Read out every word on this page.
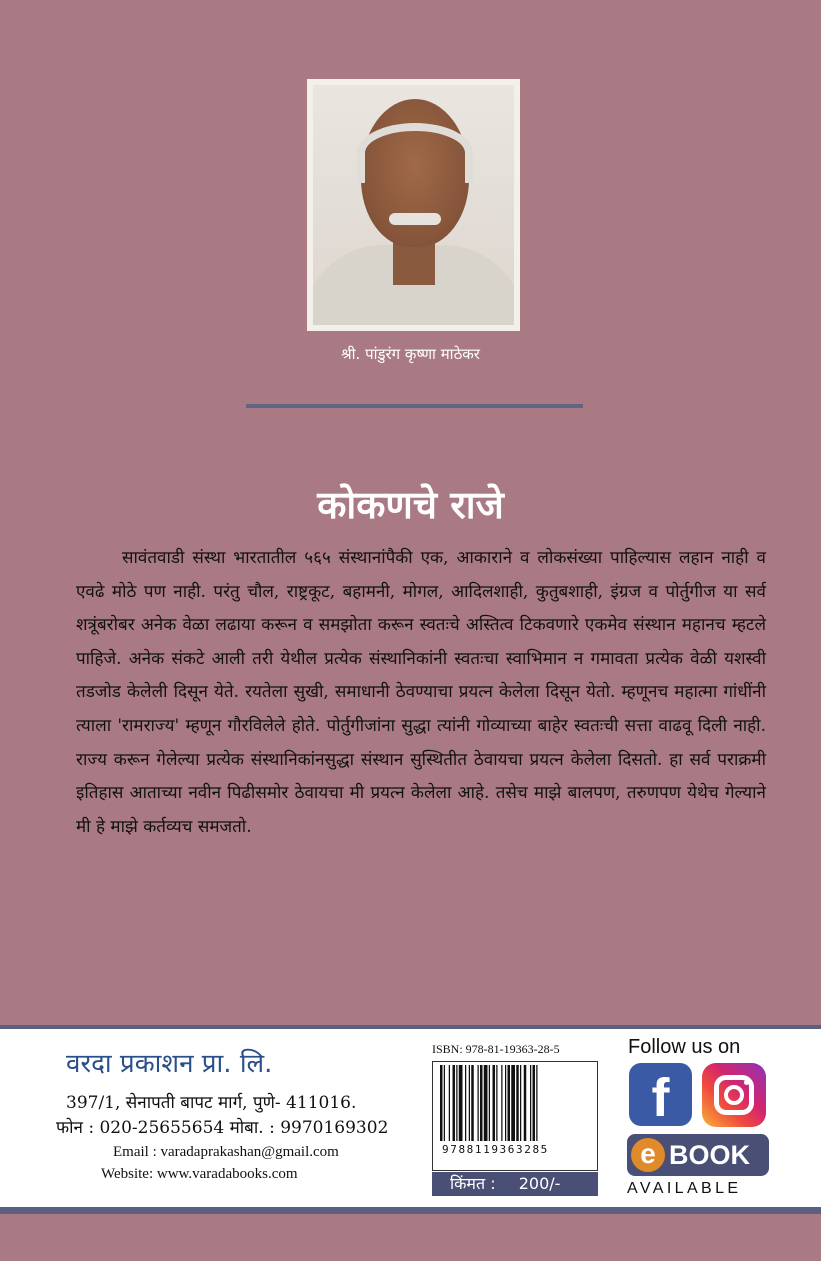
श्री. पांडुरंग कृष्णा माठेकर
कोकणचे राजे

सावंतवाडी संस्था भारतातील ५६५ संस्थानांपैकी एक, आकाराने व लोकसंख्या पाहिल्यास लहान नाही व एवढे मोठे पण नाही. परंतु चौल, राष्ट्रकूट, बहामनी, मोगल, आदिलशाही, कुतुबशाही, इंग्रज व पोर्तुगीज या सर्व शत्रूंबरोबर अनेक वेळा लढाया करून व समझोता करून स्वतःचे अस्तित्व टिकवणारे एकमेव संस्थान महानच म्हटले पाहिजे. अनेक संकटे आली तरी येथील प्रत्येक संस्थानिकांनी स्वतःचा स्वाभिमान न गमावता प्रत्येक वेळी यशस्वी तडजोड केलेली दिसून येते. रयतेला सुखी, समाधानी ठेवण्याचा प्रयत्न केलेला दिसून येतो. म्हणूनच महात्मा गांधींनी त्याला 'रामराज्य' म्हणून गौरविलेले होते. पोर्तुगीजांना सुद्धा त्यांनी गोव्याच्या बाहेर स्वतःची सत्ता वाढवू दिली नाही. राज्य करून गेलेल्या प्रत्येक संस्थानिकांनसुद्धा संस्थान सुस्थितीत ठेवायचा प्रयत्न केलेला दिसतो. हा सर्व पराक्रमी इतिहास आताच्या नवीन पिढीसमोर ठेवायचा मी प्रयत्न केलेला आहे. तसेच माझे बालपण, तरुणपण येथेच गेल्याने मी हे माझे कर्तव्यच समजतो.

वरदा प्रकाशन प्रा. लि.
397/1, सेनापती बापट मार्ग, पुणे- 411016.
फोन : 020-25655654 मोबा. : 9970169302
Email : varadaprakashan@gmail.com
Website: www.varadabooks.com
ISBN: 978-81-19363-28-5
9788119363285
किंमत : 200/-
Follow us on
f
e BOOK
AVAILABLE
